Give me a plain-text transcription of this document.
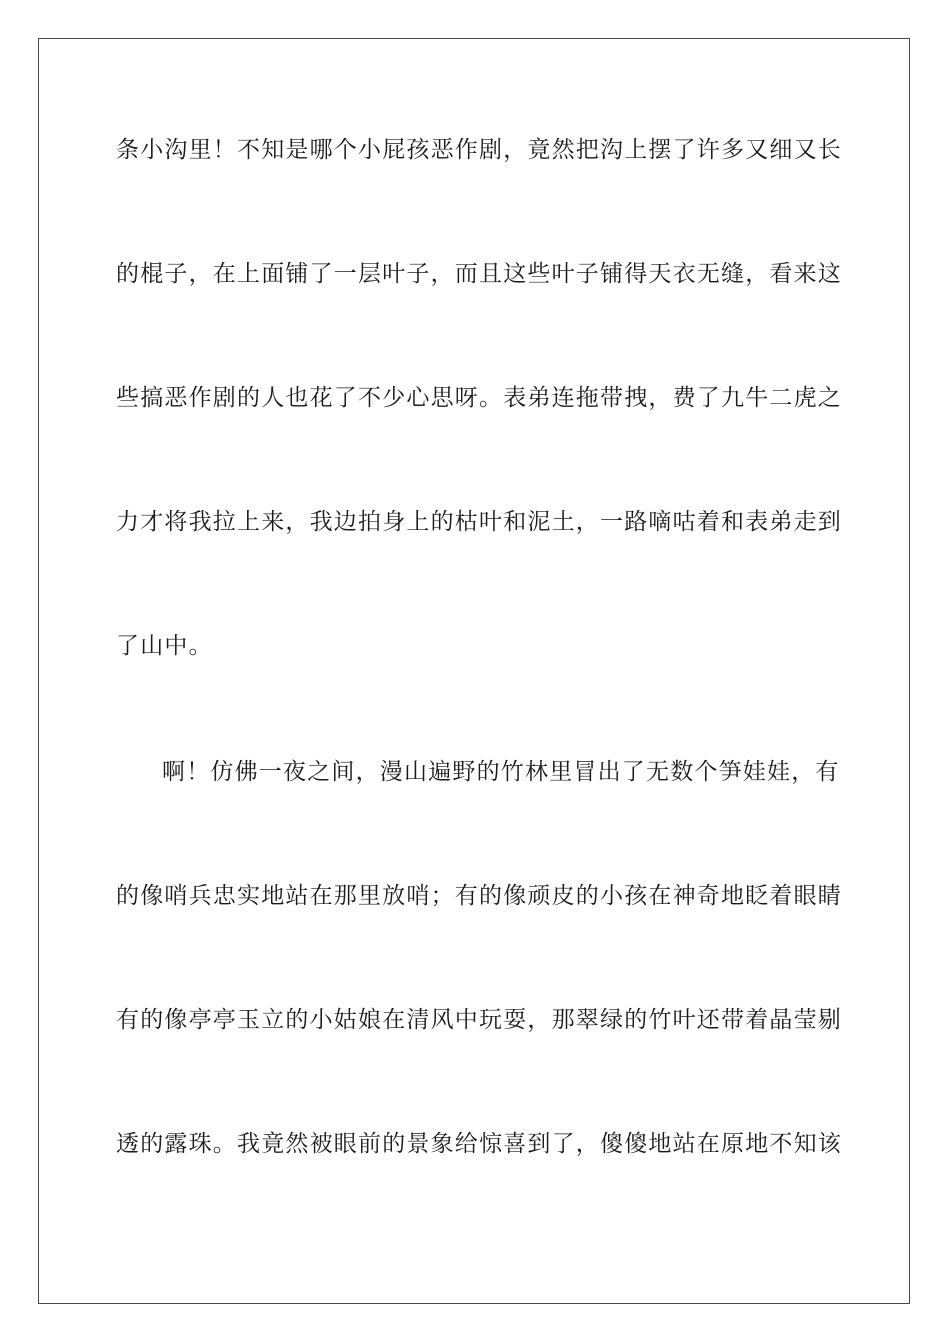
条小沟里！不知是哪个小屁孩恶作剧，竟然把沟上摆了许多又细又长
的棍子，在上面铺了一层叶子，而且这些叶子铺得天衣无缝，看来这
些搞恶作剧的人也花了不少心思呀。表弟连拖带拽，费了九牛二虎之
力才将我拉上来，我边拍身上的枯叶和泥土，一路嘀咕着和表弟走到
了山中。
啊！仿佛一夜之间，漫山遍野的竹林里冒出了无数个笋娃娃，有
的像哨兵忠实地站在那里放哨；有的像顽皮的小孩在神奇地眨着眼睛
有的像亭亭玉立的小姑娘在清风中玩耍，那翠绿的竹叶还带着晶莹剔
透的露珠。我竟然被眼前的景象给惊喜到了，傻傻地站在原地不知该
